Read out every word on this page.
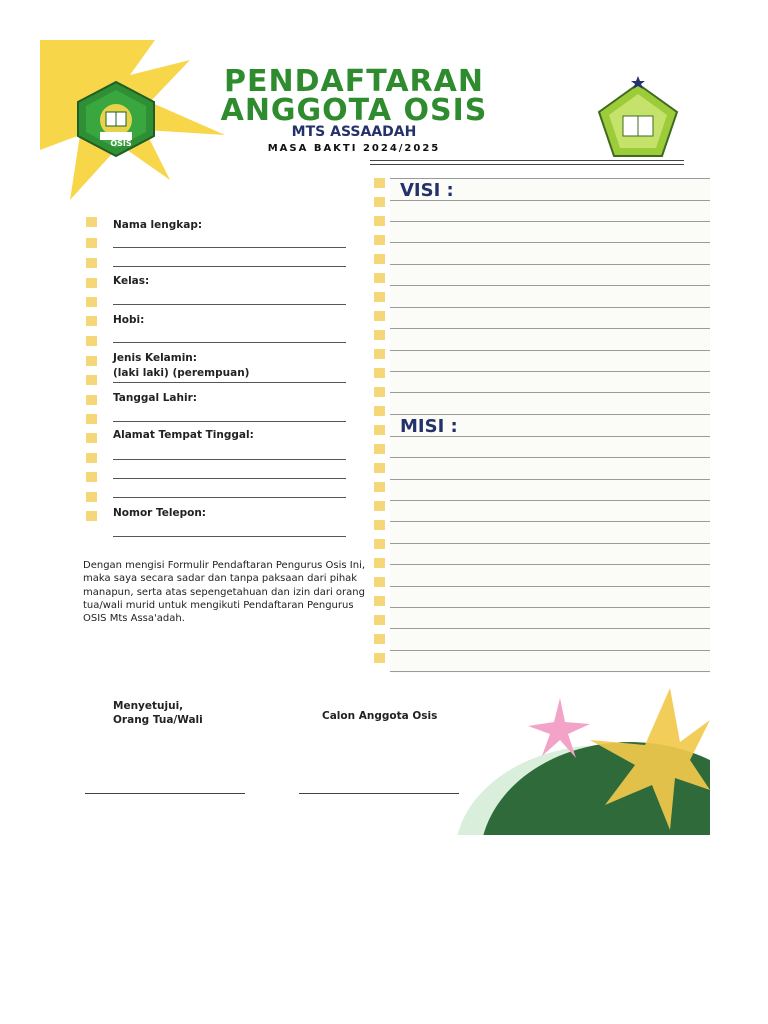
OSIS
PENDAFTARAN
ANGGOTA OSIS
MTS ASSAADAH
MASA BAKTI 2024/2025
Nama lengkap:
Kelas:
Hobi:
Jenis Kelamin:
(laki laki) (perempuan)
Tanggal Lahir:
Alamat Tempat Tinggal:
Nomor Telepon:
Dengan mengisi Formulir Pendaftaran Pengurus Osis Ini, maka saya secara sadar dan tanpa paksaan dari pihak manapun, serta atas sepengetahuan dan izin dari orang tua/wali murid untuk mengikuti Pendaftaran Pengurus OSIS Mts Assa'adah.
VISI :
MISI :
Menyetujui,
Orang Tua/Wali	Calon Anggota Osis
